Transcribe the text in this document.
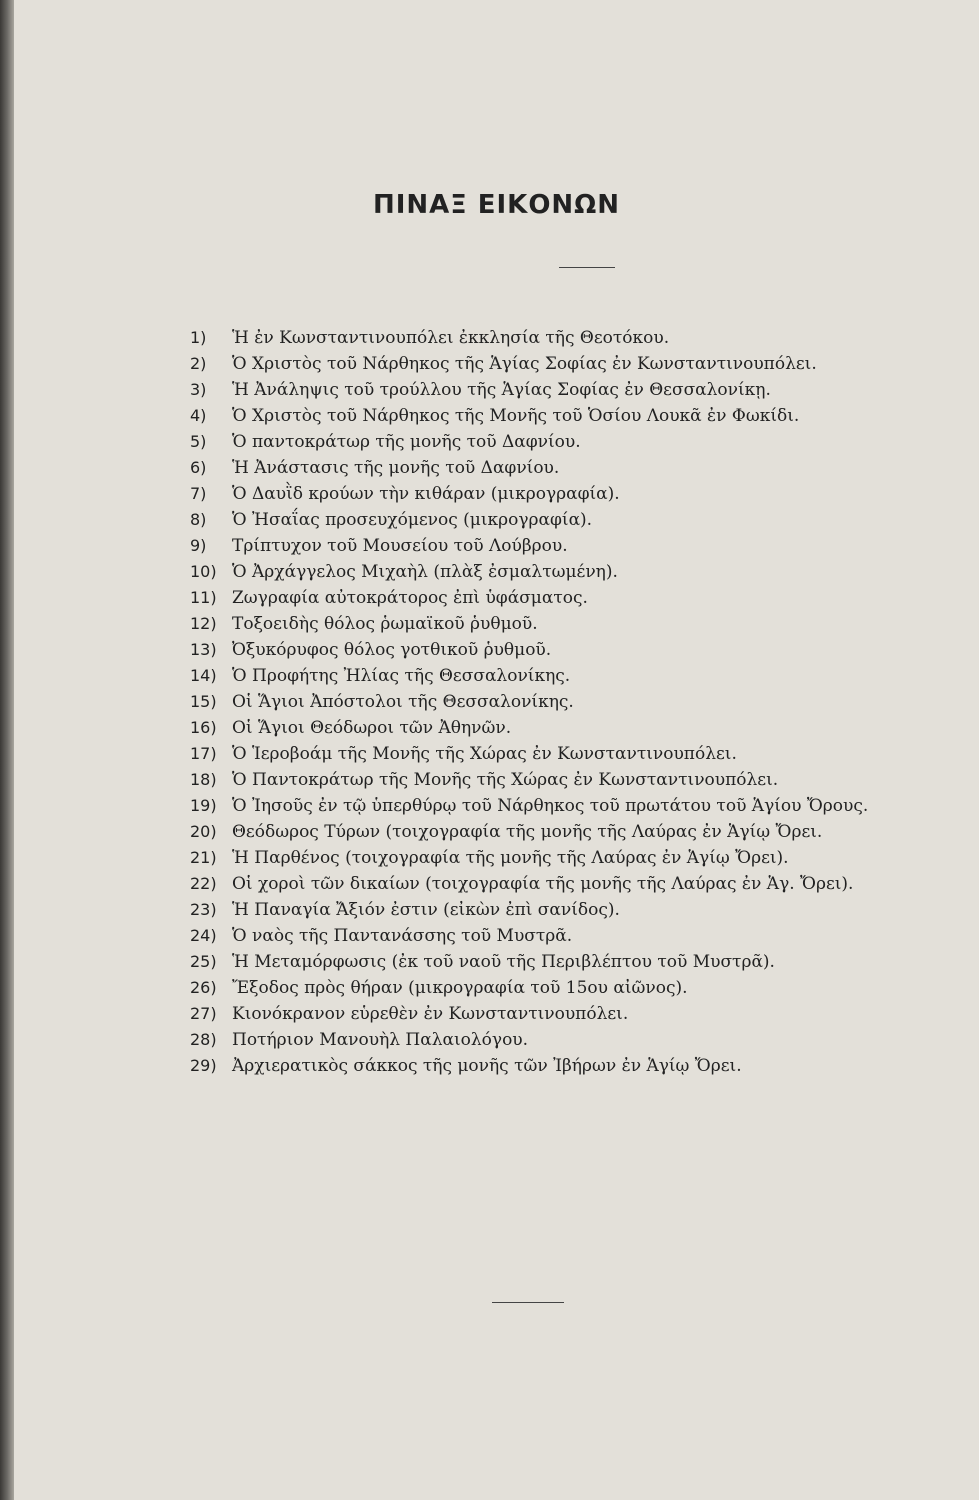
ΠΙΝΑΞ ΕΙΚΟΝΩΝ
1)	Ἡ ἐν Κωνσταντινουπόλει ἐκκλησία τῆς Θεοτόκου.
2)	Ὁ Χριστὸς τοῦ Νάρθηκος τῆς Ἁγίας Σοφίας ἐν Κωνσταντινουπόλει.
3)	Ἡ Ἀνάληψις τοῦ τρούλλου τῆς Ἁγίας Σοφίας ἐν Θεσσαλονίκῃ.
4)	Ὁ Χριστὸς τοῦ Νάρθηκος τῆς Μονῆς τοῦ Ὁσίου Λουκᾶ ἐν Φωκίδι.
5)	Ὁ παντοκράτωρ τῆς μονῆς τοῦ Δαφνίου.
6)	Ἡ Ἀνάστασις τῆς μονῆς τοῦ Δαφνίου.
7)	Ὁ Δαυῒδ κρούων τὴν κιθάραν (μικρογραφία).
8)	Ὁ Ἠσαΐας προσευχόμενος (μικρογραφία).
9)	Τρίπτυχον τοῦ Μουσείου τοῦ Λούβρου.
10) Ὁ Ἀρχάγγελος Μιχαὴλ (πλὰξ ἐσμαλτωμένη).
11) Ζωγραφία αὐτοκράτορος ἐπὶ ὑφάσματος.
12) Τοξοειδὴς θόλος ῥωμαϊκοῦ ῥυθμοῦ.
13) Ὀξυκόρυφος θόλος γοτθικοῦ ῥυθμοῦ.
14) Ὁ Προφήτης Ἠλίας τῆς Θεσσαλονίκης.
15) Οἱ Ἅγιοι Ἀπόστολοι τῆς Θεσσαλονίκης.
16) Οἱ Ἅγιοι Θεόδωροι τῶν Ἀθηνῶν.
17) Ὁ Ἱεροβοάμ τῆς Μονῆς τῆς Χώρας ἐν Κωνσταντινουπόλει.
18) Ὁ Παντοκράτωρ τῆς Μονῆς τῆς Χώρας ἐν Κωνσταντινουπόλει.
19) Ὁ Ἰησοῦς ἐν τῷ ὑπερθύρῳ τοῦ Νάρθηκος τοῦ πρωτάτου τοῦ Ἁγίου Ὄρους.
20) Θεόδωρος Τύρων (τοιχογραφία τῆς μονῆς τῆς Λαύρας ἐν Ἁγίῳ Ὄρει.
21) Ἡ Παρθένος (τοιχογραφία τῆς μονῆς τῆς Λαύρας ἐν Ἁγίῳ Ὄρει).
22) Οἱ χοροὶ τῶν δικαίων (τοιχογραφία τῆς μονῆς τῆς Λαύρας ἐν Ἁγ. Ὄρει).
23) Ἡ Παναγία Ἄξιόν ἐστιν (εἰκὼν ἐπὶ σανίδος).
24) Ὁ ναὸς τῆς Παντανάσσης τοῦ Μυστρᾶ.
25) Ἡ Μεταμόρφωσις (ἐκ τοῦ ναοῦ τῆς Περιβλέπτου τοῦ Μυστρᾶ).
26) Ἔξοδος πρὸς θήραν (μικρογραφία τοῦ 15ου αἰῶνος).
27) Κιονόκρανον εὑρεθὲν ἐν Κωνσταντινουπόλει.
28) Ποτήριον Μανουὴλ Παλαιολόγου.
29) Ἀρχιερατικὸς σάκκος τῆς μονῆς τῶν Ἰβήρων ἐν Ἁγίῳ Ὄρει.
